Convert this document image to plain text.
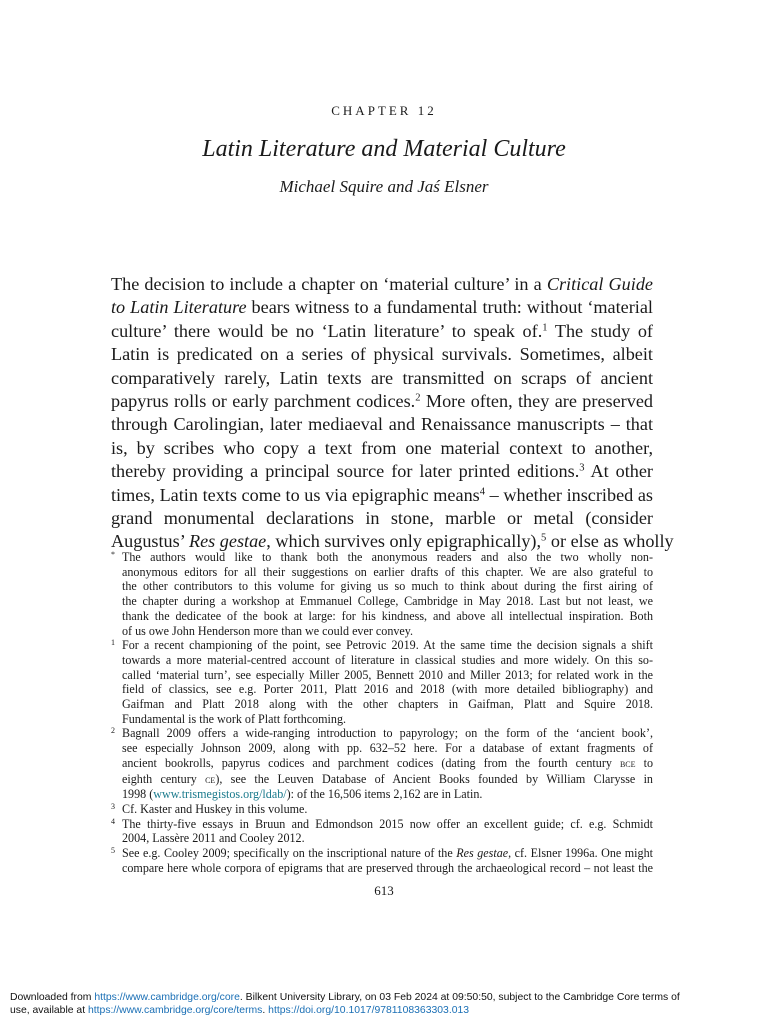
CHAPTER 12
Latin Literature and Material Culture
Michael Squire and Jaś Elsner
The decision to include a chapter on ‘material culture’ in a Critical Guide
to Latin Literature bears witness to a fundamental truth: without ‘material
culture’ there would be no ‘Latin literature’ to speak of.$^1$ The study of
Latin is predicated on a series of physical survivals. Sometimes, albeit
comparatively rarely, Latin texts are transmitted on scraps of ancient
papyrus rolls or early parchment codices.$^2$ More often, they are preserved
through Carolingian, later mediaeval and Renaissance manuscripts – that
is, by scribes who copy a text from one material context to another,
thereby providing a principal source for later printed editions.$^3$ At other
times, Latin texts come to us via epigraphic means$^4$ – whether inscribed as
grand monumental declarations in stone, marble or metal (consider
Augustus’ Res gestae, which survives only epigraphically),$^5$ or else as wholly
* The authors would like to thank both the anonymous readers and also the two wholly non-
anonymous editors for all their suggestions on earlier drafts of this chapter. We are also grateful to
the other contributors to this volume for giving us so much to think about during the first airing of
the chapter during a workshop at Emmanuel College, Cambridge in May 2018. Last but not least, we
thank the dedicatee of the book at large: for his kindness, and above all intellectual inspiration. Both
of us owe John Henderson more than we could ever convey.
1 For a recent championing of the point, see Petrovic 2019. At the same time the decision signals a shift
towards a more material-centred account of literature in classical studies and more widely. On this so-
called ‘material turn’, see especially Miller 2005, Bennett 2010 and Miller 2013; for related work in the
field of classics, see e.g. Porter 2011, Platt 2016 and 2018 (with more detailed bibliography) and
Gaifman and Platt 2018 along with the other chapters in Gaifman, Platt and Squire 2018.
Fundamental is the work of Platt forthcoming.
2 Bagnall 2009 offers a wide-ranging introduction to papyrology; on the form of the ‘ancient book’,
see especially Johnson 2009, along with pp. 632–52 here. For a database of extant fragments of
ancient bookrolls, papyrus codices and parchment codices (dating from the fourth century bce to
eighth century ce), see the Leuven Database of Ancient Books founded by William Clarysse in
1998 (www.trismegistos.org/ldab/): of the 16,506 items 2,162 are in Latin.
3 Cf. Kaster and Huskey in this volume.
4 The thirty-five essays in Bruun and Edmondson 2015 now offer an excellent guide; cf. e.g. Schmidt
2004, Lassère 2011 and Cooley 2012.
5 See e.g. Cooley 2009; specifically on the inscriptional nature of the Res gestae, cf. Elsner 1996a. One might
compare here whole corpora of epigrams that are preserved through the archaeological record – not least the
613
Downloaded from https://www.cambridge.org/core. Bilkent University Library, on 03 Feb 2024 at 09:50:50, subject to the Cambridge Core terms of
use, available at https://www.cambridge.org/core/terms. https://doi.org/10.1017/9781108363303.013
